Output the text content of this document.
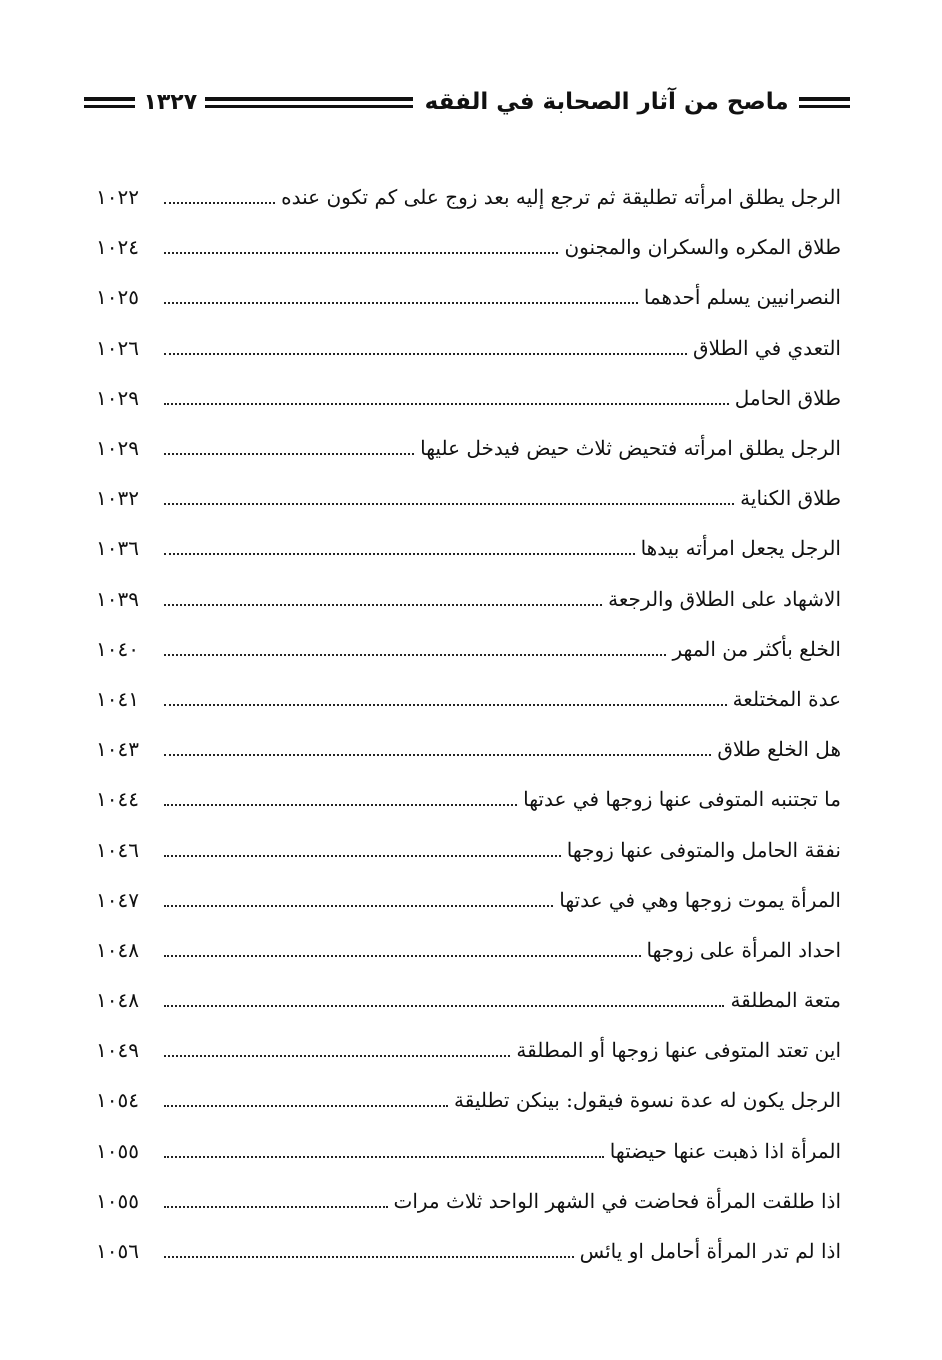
ماصح من آثار الصحابة في الفقه
١٣٢٧
الرجل يطلق امرأته تطليقة ثم ترجع إليه بعد زوج على كم تكون عنده
١٠٢٢
طلاق المكره والسكران والمجنون
١٠٢٤
النصرانيين يسلم أحدهما
١٠٢٥
التعدي في الطلاق
١٠٢٦
طلاق الحامل
١٠٢٩
الرجل يطلق امرأته فتحيض ثلاث حيض فيدخل عليها
١٠٢٩
طلاق الكناية
١٠٣٢
الرجل يجعل امرأته بيدها
١٠٣٦
الاشهاد على الطلاق والرجعة
١٠٣٩
الخلع بأكثر من المهر
١٠٤٠
عدة المختلعة
١٠٤١
هل الخلع طلاق
١٠٤٣
ما تجتنبه المتوفى عنها زوجها في عدتها
١٠٤٤
نفقة الحامل والمتوفى عنها زوجها
١٠٤٦
المرأة يموت زوجها وهي في عدتها
١٠٤٧
احداد المرأة على زوجها
١٠٤٨
متعة المطلقة
١٠٤٨
اين تعتد المتوفى عنها زوجها أو المطلقة
١٠٤٩
الرجل يكون له عدة نسوة فيقول: بينكن تطليقة
١٠٥٤
المرأة اذا ذهبت عنها حيضتها
١٠٥٥
اذا طلقت المرأة فحاضت في الشهر الواحد ثلاث مرات
١٠٥٥
اذا لم تدر المرأة أحامل او يائس
١٠٥٦
